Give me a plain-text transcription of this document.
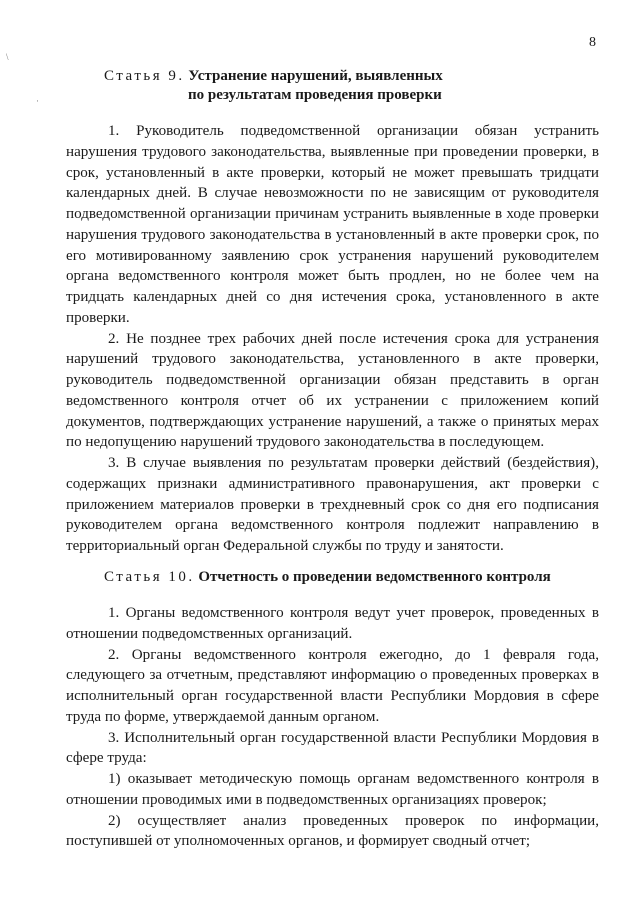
8
\
·
Статья 9. Устранение нарушений, выявленных
по результатам проведения проверки

1. Руководитель подведомственной организации обязан устранить нарушения трудового законодательства, выявленные при проведении проверки, в срок, установленный в акте проверки, который не может превышать тридцати календарных дней. В случае невозможности по не зависящим от руководителя подведомственной организации причинам устранить выявленные в ходе проверки нарушения трудового законодательства в установленный в акте проверки срок, по его мотивированному заявлению срок устранения нарушений руководителем органа ведомственного контроля может быть продлен, но не более чем на тридцать календарных дней со дня истечения срока, установленного в акте проверки.

2. Не позднее трех рабочих дней после истечения срока для устранения нарушений трудового законодательства, установленного в акте проверки, руководитель подведомственной организации обязан представить в орган ведомственного контроля отчет об их устранении с приложением копий документов, подтверждающих устранение нарушений, а также о принятых мерах по недопущению нарушений трудового законодательства в последующем.

3. В случае выявления по результатам проверки действий (бездействия), содержащих признаки административного правонарушения, акт проверки с приложением материалов проверки в трехдневный срок со дня его подписания руководителем органа ведомственного контроля подлежит направлению в территориальный орган Федеральной службы по труду и занятости.

Статья 10. Отчетность о проведении ведомственного контроля

1. Органы ведомственного контроля ведут учет проверок, проведенных в отношении подведомственных организаций.

2. Органы ведомственного контроля ежегодно, до 1 февраля года, следующего за отчетным, представляют информацию о проведенных проверках в исполнительный орган государственной власти Республики Мордовия в сфере труда по форме, утверждаемой данным органом.

3. Исполнительный орган государственной власти Республики Мордовия в сфере труда:

1) оказывает методическую помощь органам ведомственного контроля в отношении проводимых ими в подведомственных организациях проверок;

2) осуществляет анализ проведенных проверок по информации, поступившей от уполномоченных органов, и формирует сводный отчет;
